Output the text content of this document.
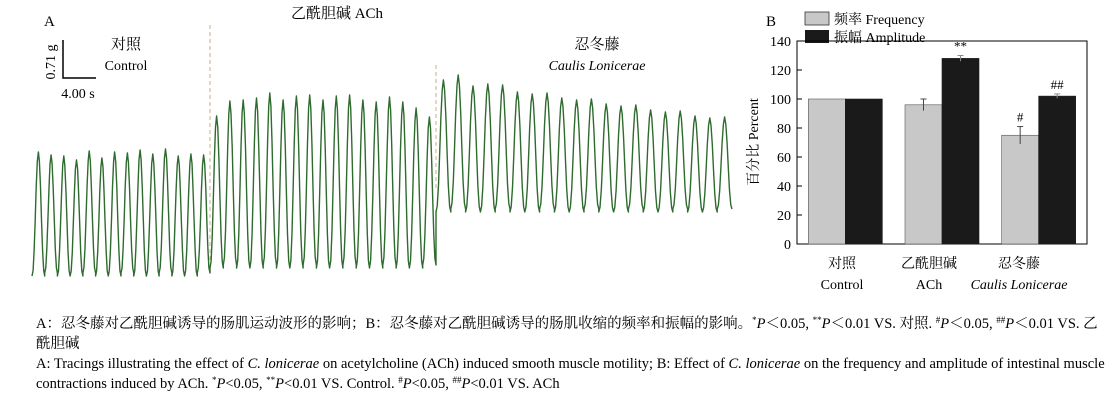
A
0.71 g
4.00 s
对照
Control
乙酰胆碱 ACh
忍冬藤
Caulis Lonicerae
B	频率 Frequency
振幅 Amplitude
0
20
40
60
80
100
120
140	**
#
##
百分比 Percent
对照
Control
乙酰胆碱
ACh
忍冬藤
Caulis Lonicerae
A：忍冬藤对乙酰胆碱诱导的肠肌运动波形的影响；B：忍冬藤对乙酰胆碱诱导的肠肌收缩的频率和振幅的影响。*P＜0.05, **P＜0.01 VS. 对照. #P＜0.05, ##P＜0.01 VS. 乙酰胆碱
A: Tracings illustrating the effect of C. lonicerae on acetylcholine (ACh) induced smooth muscle motility; B: Effect of C. lonicerae on the frequency and amplitude of intestinal muscle contractions induced by ACh. *P<0.05, **P<0.01 VS. Control. #P<0.05, ##P<0.01 VS. ACh
